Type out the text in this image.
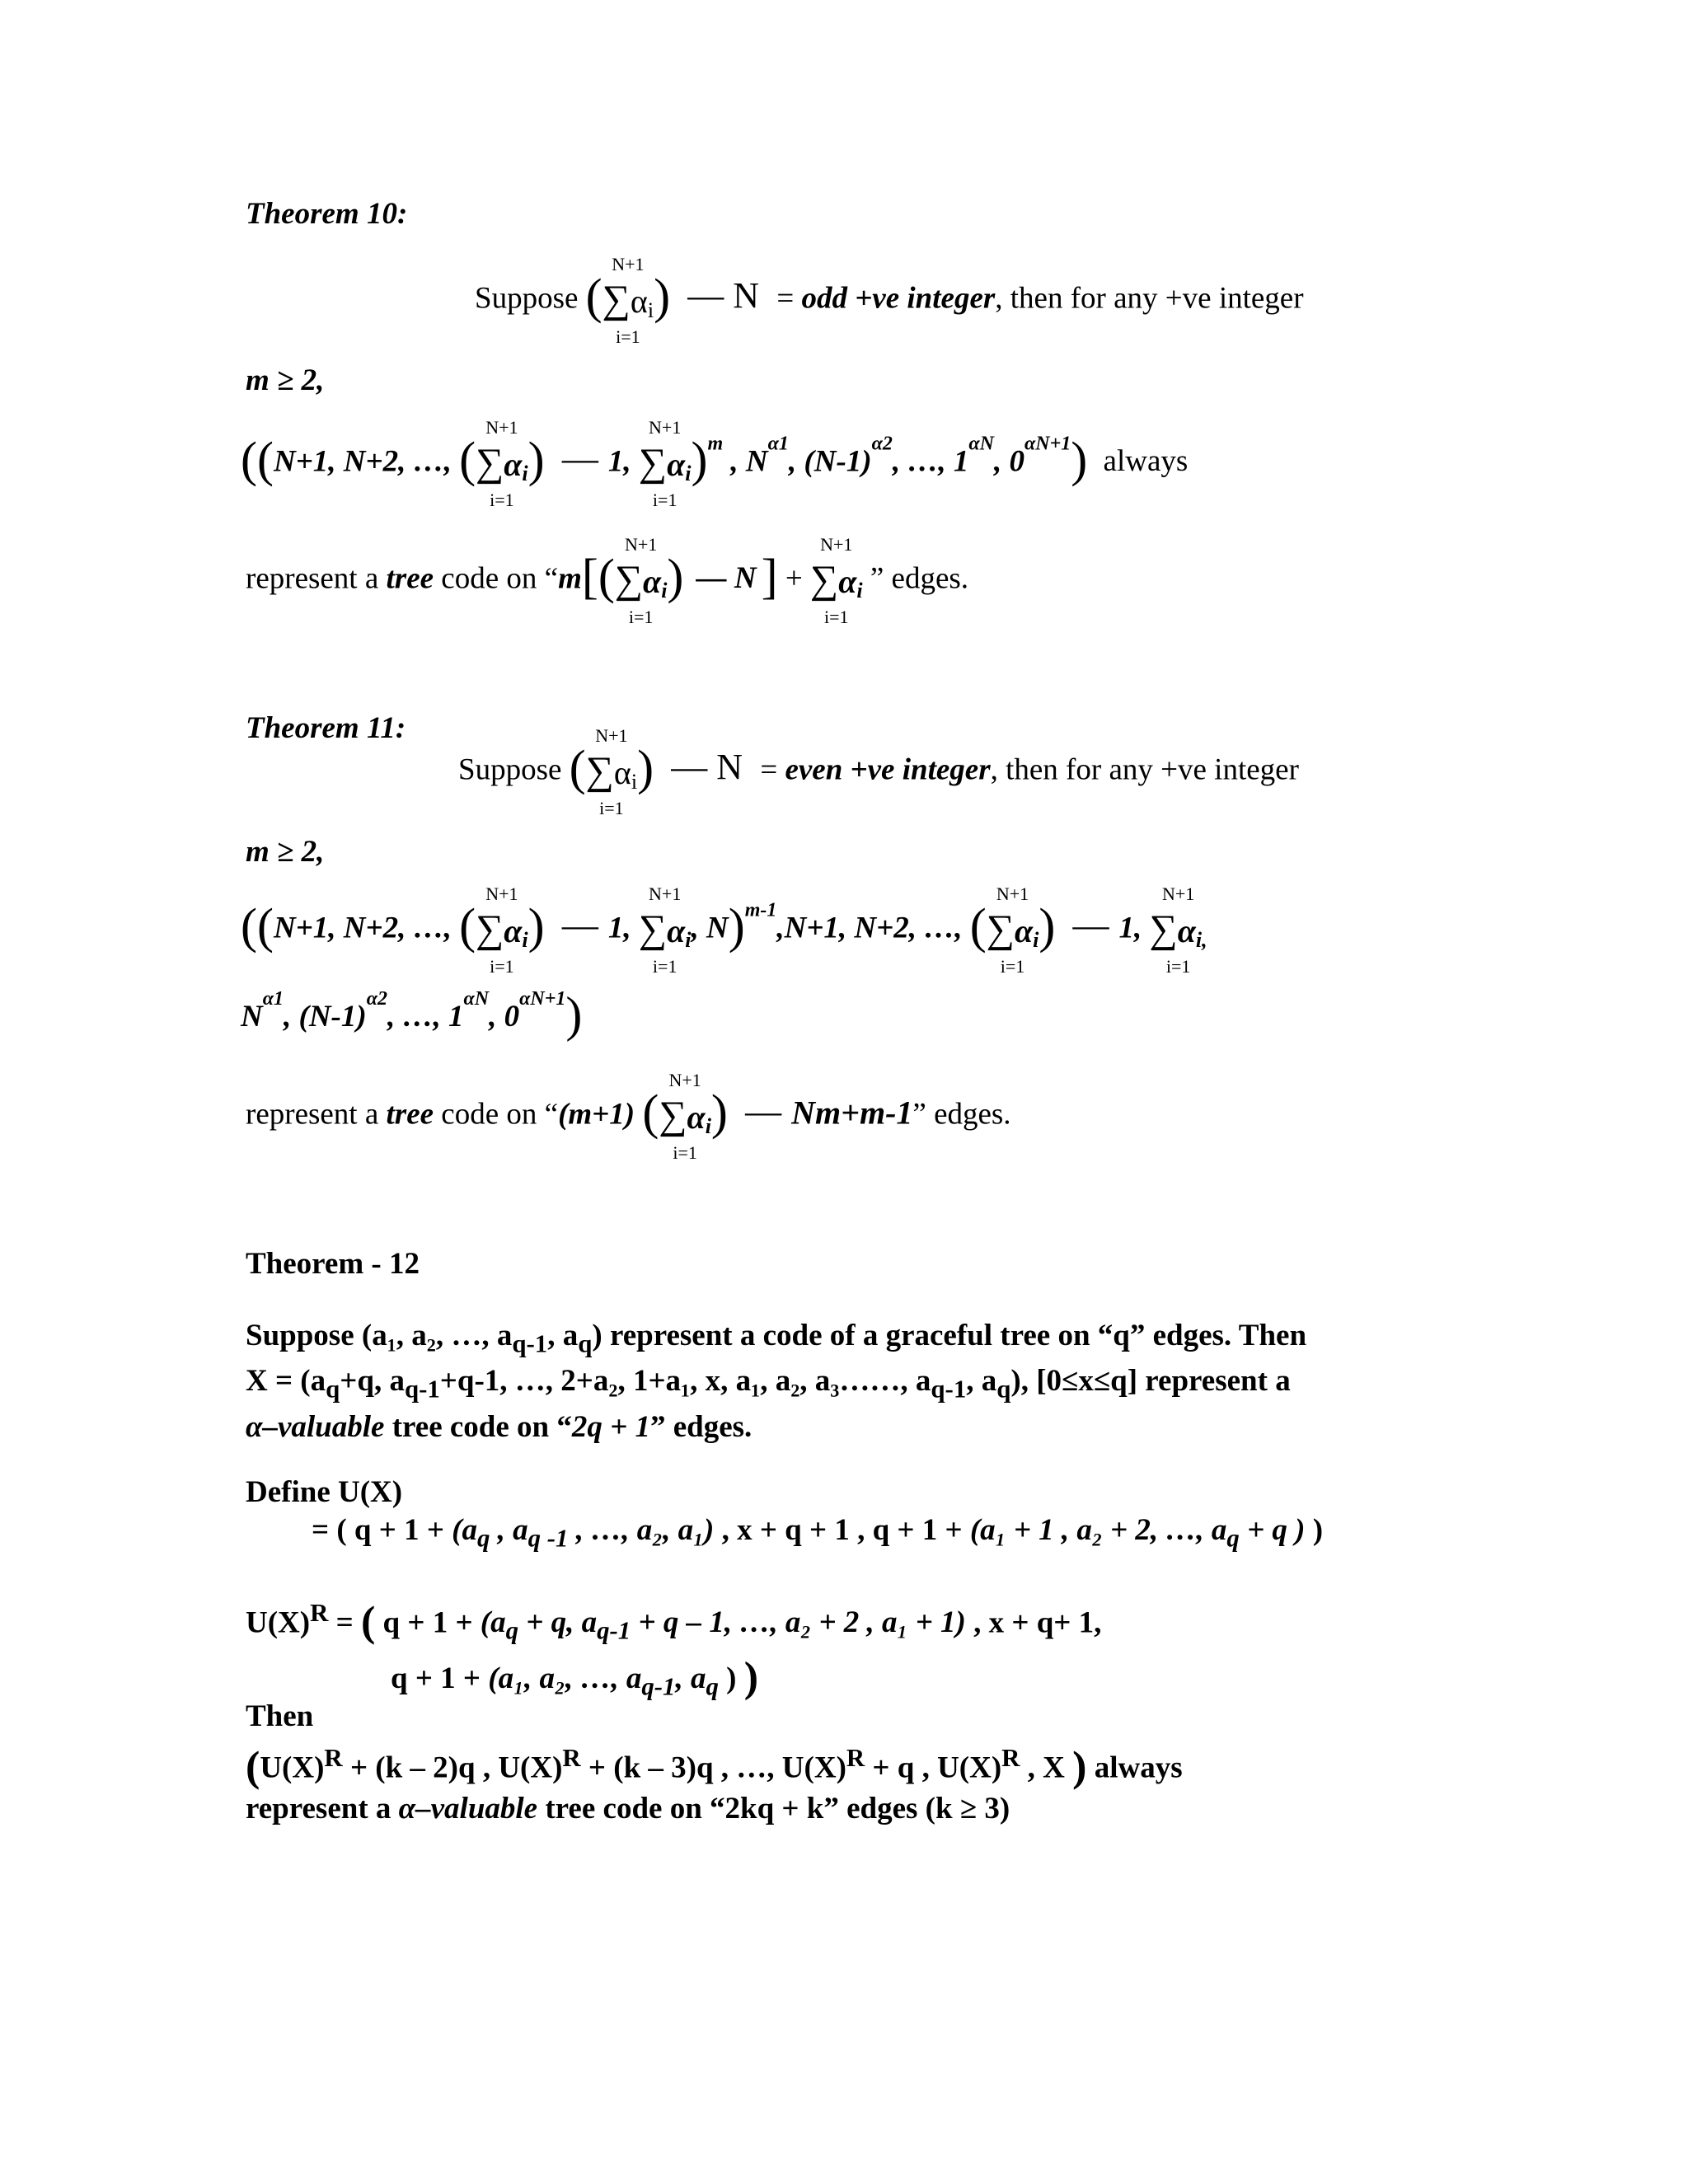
Theorem 10:
Suppose (
N+1
$\sum\alpha_i$
i=1
) — N = odd +ve integer, then for any +ve integer
m ≥ 2,
((N+1, N+2, …, (
N+1
$\sum\alpha_i$
i=1
) — 1,
N+1
$\sum\alpha_i$
i=1
)$^m$ , $N^{\alpha 1}$, $(N-1)^{\alpha 2}$, …, $1^{\alpha N}$, $0^{\alpha N+1}$) always
represent a tree code on “m[(
N+1
$\sum\alpha_i$
i=1
) — N ] +
N+1
$\sum\alpha_i$
i=1
” edges.
Theorem 11:
Suppose (
N+1
$\sum\alpha_i$
i=1
) — N = even +ve integer, then for any +ve integer
m ≥ 2,
((N+1, N+2, …, (
N+1
$\sum\alpha_i$
i=1
) — 1,
N+1
$\sum\alpha_i$
i=1
, N)$^{m-1}$,N+1, N+2, …, (
N+1
$\sum\alpha_i$
i=1
) — 1,
N+1
$\sum\alpha_{i,}$
i=1
$N^{\alpha 1}$, $(N-1)^{\alpha 2}$, …, $1^{\alpha N}$, $0^{\alpha N+1}$)
represent a tree code on “(m+1) (
N+1
$\sum\alpha_i$
i=1
) — Nm+m-1” edges.
Theorem - 12
Suppose (a₁, a₂, …, $a_{q-1}$, $a_q$) represent a code of a graceful tree on “q” edges. Then
$X = (a_q+q$, $a_{q-1}+q-1$, …, 2+a₂, 1+a₁, x, a₁, a₂, a₃……, $a_{q-1}$, $a_q$), [0≤x≤q] represent a
α–valuable tree code on “2q + 1” edges.
Define U(X)
= ( $q + 1 + (a_q$ , $a_{q -1}$ , …, a₂, a₁) , x + q + 1 , q + 1 + (a₁ + 1 , a₂ + 2, …, $a_q + q$ ) )
$U(X)^R$ = ( $q + 1 + (a_q + q$, $a_{q-1} + q - 1$, …, a₂ + 2 , a₁ + 1) , x + q+ 1,
q + 1 + (a₁, a₂, …, $a_{q-1}$, $a_q$ ) )
Then
($U(X)^R + (k - 2)q$ , $U(X)^R + (k - 3)q$ , …, $U(X)^R + q$ , $U(X)^R$ , X ) always
represent a α–valuable tree code on “2kq + k” edges (k ≥ 3)
